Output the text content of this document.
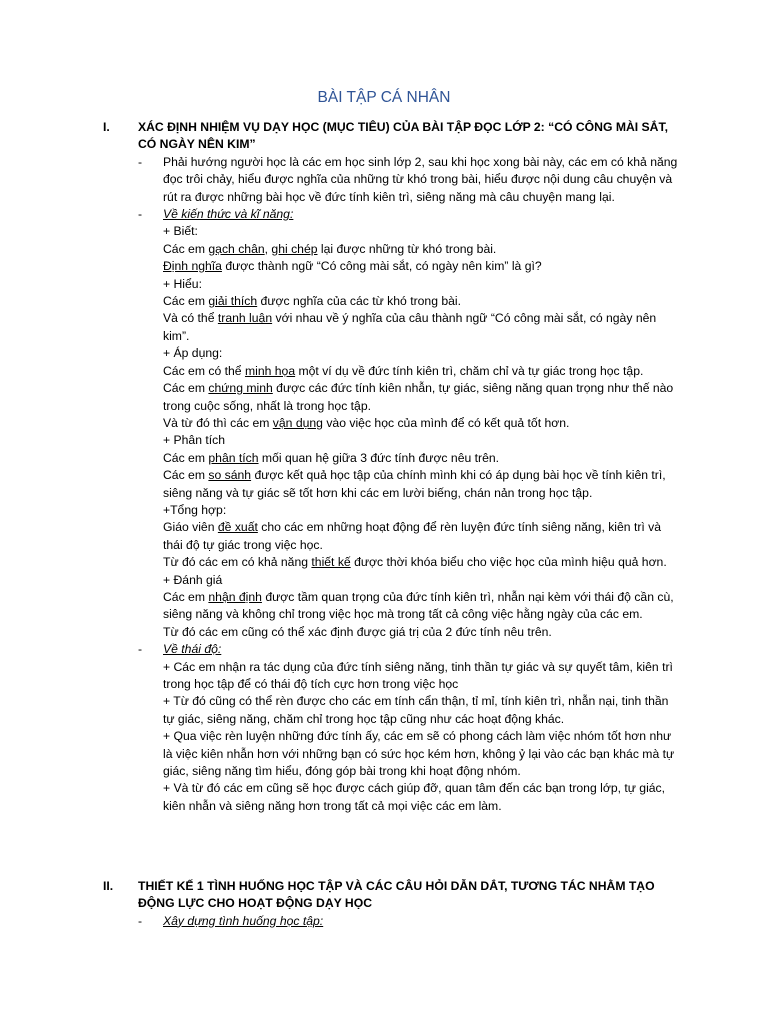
BÀI TẬP CÁ NHÂN
I. XÁC ĐỊNH NHIỆM VỤ DẠY HỌC (MỤC TIÊU) CỦA BÀI TẬP ĐỌC LỚP 2: “CÓ CÔNG MÀI SẮT, CÓ NGÀY NÊN KIM”
- Phải hướng người học là các em học sinh lớp 2, sau khi học xong bài này, các em có khả năng đọc trôi chảy, hiểu được nghĩa của những từ khó trong bài, hiểu được nội dung câu chuyện và rút ra được những bài học về đức tính kiên trì, siêng năng mà câu chuyện mang lại.

- Về kiến thức và kĩ năng:

+ Biết:

Các em gạch chân, ghi chép lại được những từ khó trong bài.

Định nghĩa được thành ngữ “Có công mài sắt, có ngày nên kim” là gì?

+ Hiểu:

Các em giải thích được nghĩa của các từ khó trong bài.

Và có thể tranh luận với nhau về ý nghĩa của câu thành ngữ “Có công mài sắt, có ngày nên kim”.

+ Áp dụng:

Các em có thể minh họa một ví dụ về đức tính kiên trì, chăm chỉ và tự giác trong học tập.

Các em chứng minh được các đức tính kiên nhẫn, tự giác, siêng năng quan trọng như thế nào trong cuộc sống, nhất là trong học tập.

Và từ đó thì các em vận dụng vào việc học của mình để có kết quả tốt hơn.

+ Phân tích

Các em phân tích mối quan hệ giữa 3 đức tính được nêu trên.

Các em so sánh được kết quả học tập của chính mình khi có áp dụng bài học về tính kiên trì, siêng năng và tự giác sẽ tốt hơn khi các em lười biếng, chán nản trong học tập.

+Tổng hợp:

Giáo viên đề xuất cho các em những hoạt động để rèn luyện đức tính siêng năng, kiên trì và thái độ tự giác trong việc học.

Từ đó các em có khả năng thiết kế được thời khóa biểu cho việc học của mình hiệu quả hơn.

+ Đánh giá

Các em nhận định được tầm quan trọng của đức tính kiên trì, nhẫn nại kèm với thái độ cần cù, siêng năng và không chỉ trong việc học mà trong tất cả công việc hằng ngày của các em.

Từ đó các em cũng có thể xác định được giá trị của 2 đức tính nêu trên.

- Về thái độ:

+ Các em nhận ra tác dụng của đức tính siêng năng, tinh thần tự giác và sự quyết tâm, kiên trì trong học tập để có thái độ tích cực hơn trong việc học

+ Từ đó cũng có thể rèn được cho các em tính cẩn thận, tỉ mỉ, tính kiên trì, nhẫn nại, tinh thần tự giác, siêng năng, chăm chỉ trong học tập cũng như các hoạt động khác.

+ Qua việc rèn luyện những đức tính ấy, các em sẽ có phong cách làm việc nhóm tốt hơn như là việc kiên nhẫn hơn với những bạn có sức học kém hơn, không ỷ lại vào các bạn khác mà tự giác, siêng năng tìm hiểu, đóng góp bài trong khi hoạt động nhóm.

+ Và từ đó các em cũng sẽ học được cách giúp đỡ, quan tâm đến các bạn trong lớp, tự giác, kiên nhẫn và siêng năng hơn trong tất cả mọi việc các em làm.

II. THIẾT KẾ 1 TÌNH HUỐNG HỌC TẬP VÀ CÁC CÂU HỎI DẪN DẮT, TƯƠNG TÁC NHẰM TẠO ĐỘNG LỰC CHO HOẠT ĐỘNG DẠY HỌC
- Xây dựng tình huống học tập:
